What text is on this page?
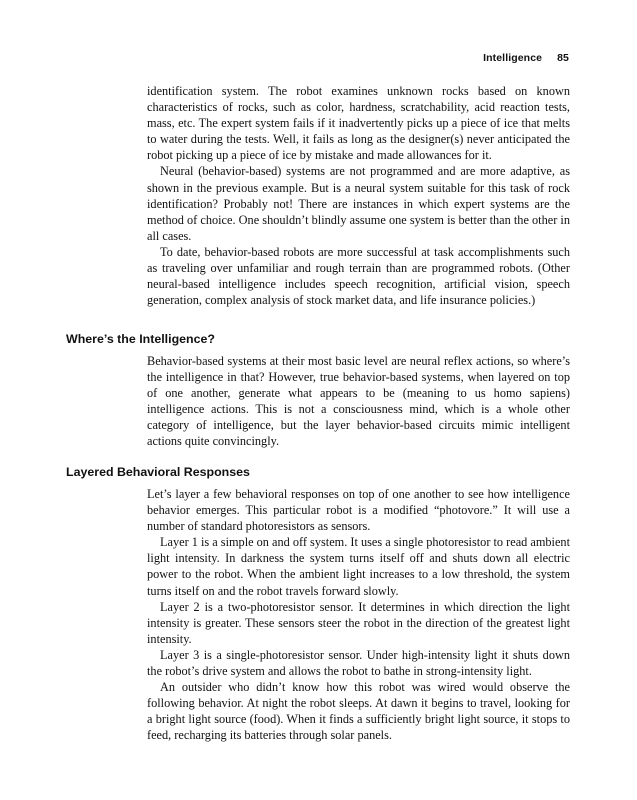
Intelligence 85

identification system. The robot examines unknown rocks based on known characteristics of rocks, such as color, hardness, scratchability, acid reaction tests, mass, etc. The expert system fails if it inadvertently picks up a piece of ice that melts to water during the tests. Well, it fails as long as the designer(s) never anticipated the robot picking up a piece of ice by mistake and made allowances for it.

Neural (behavior-based) systems are not programmed and are more adaptive, as shown in the previous example. But is a neural system suitable for this task of rock identification? Probably not! There are instances in which expert systems are the method of choice. One shouldn’t blindly assume one system is better than the other in all cases.

To date, behavior-based robots are more successful at task accomplishments such as traveling over unfamiliar and rough terrain than are programmed robots. (Other neural-based intelligence includes speech recognition, artificial vision, speech generation, complex analysis of stock market data, and life insurance policies.)

Where’s the Intelligence?

Behavior-based systems at their most basic level are neural reflex actions, so where’s the intelligence in that? However, true behavior-based systems, when layered on top of one another, generate what appears to be (meaning to us homo sapiens) intelligence actions. This is not a consciousness mind, which is a whole other category of intelligence, but the layer behavior-based circuits mimic intelligent actions quite convincingly.

Layered Behavioral Responses

Let’s layer a few behavioral responses on top of one another to see how intelligence behavior emerges. This particular robot is a modified “photovore.” It will use a number of standard photoresistors as sensors.

Layer 1 is a simple on and off system. It uses a single photoresistor to read ambient light intensity. In darkness the system turns itself off and shuts down all electric power to the robot. When the ambient light increases to a low threshold, the system turns itself on and the robot travels forward slowly.

Layer 2 is a two-photoresistor sensor. It determines in which direction the light intensity is greater. These sensors steer the robot in the direction of the greatest light intensity.

Layer 3 is a single-photoresistor sensor. Under high-intensity light it shuts down the robot’s drive system and allows the robot to bathe in strong-intensity light.

An outsider who didn’t know how this robot was wired would observe the following behavior. At night the robot sleeps. At dawn it begins to travel, looking for a bright light source (food). When it finds a sufficiently bright light source, it stops to feed, recharging its batteries through solar panels.
